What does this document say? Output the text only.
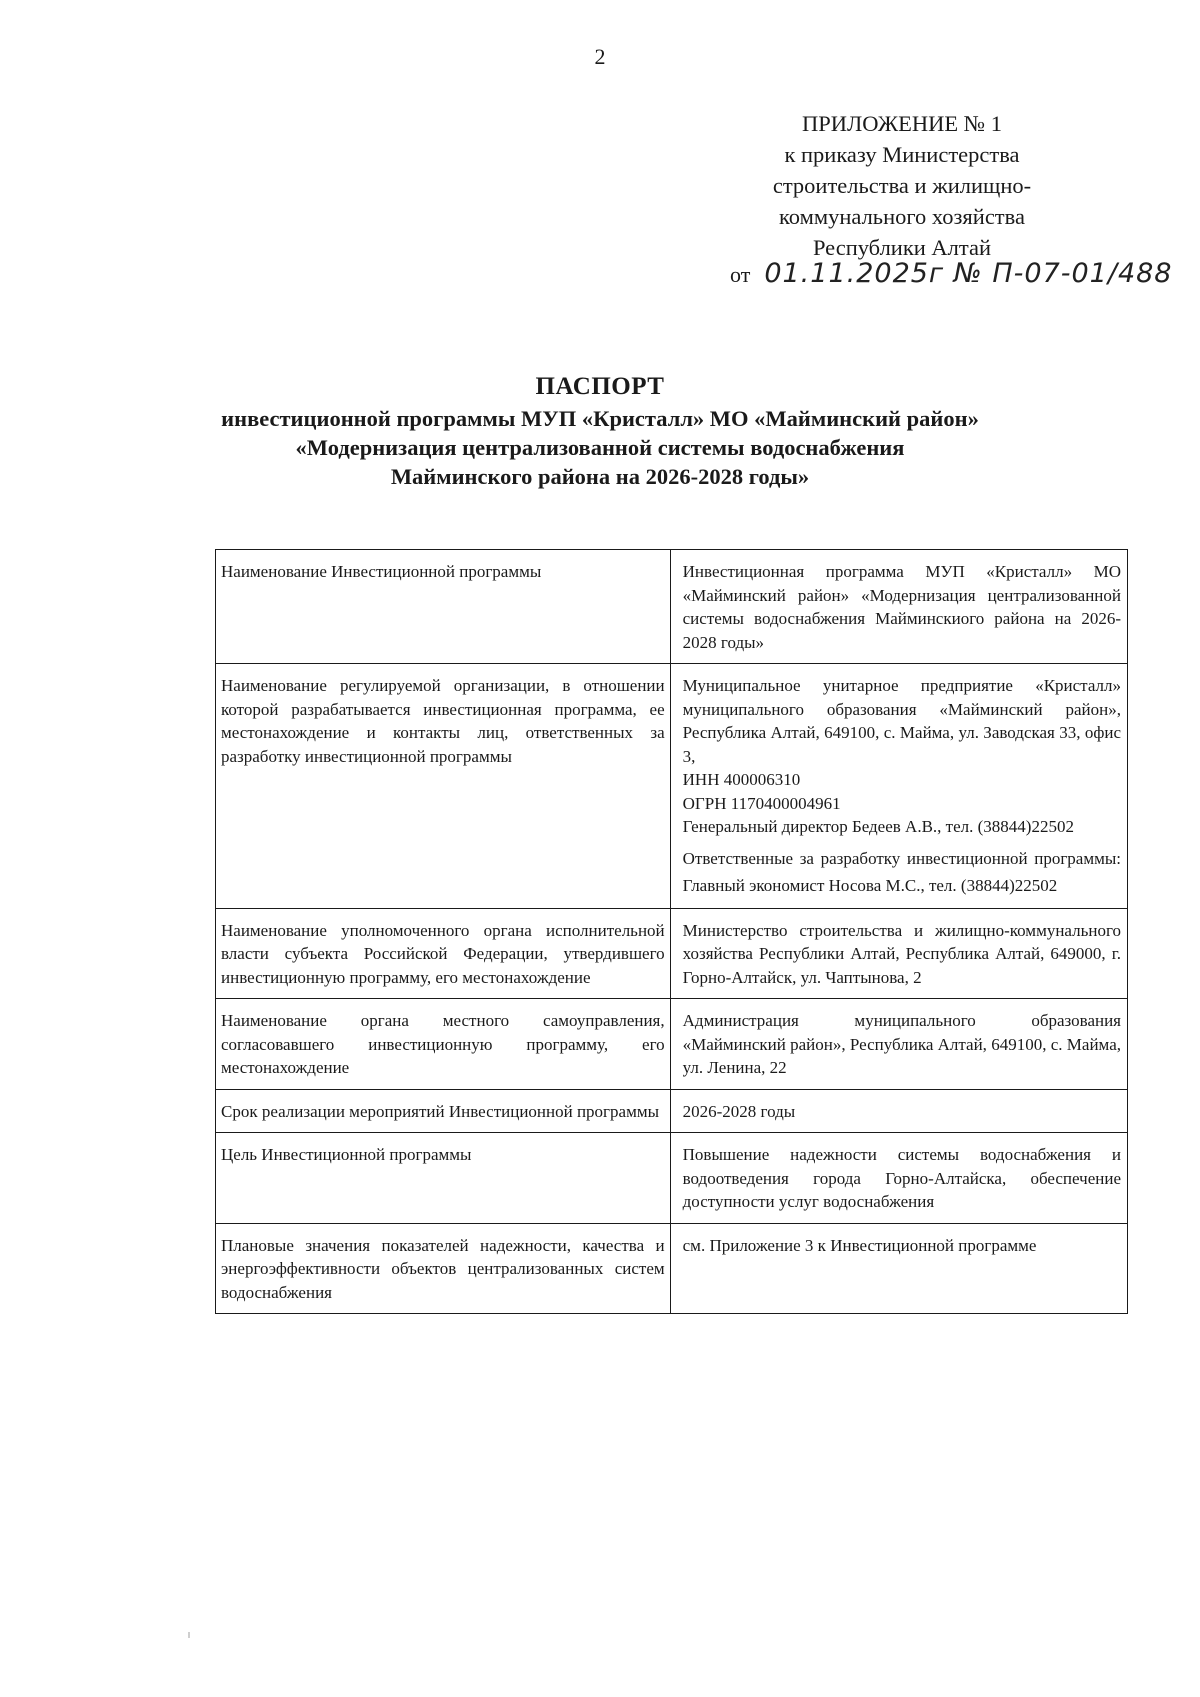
2
ПРИЛОЖЕНИЕ № 1
к приказу Министерства
строительства и жилищно-
коммунального хозяйства
Республики Алтай
от 01.11.2025г № П-07-01/488
ПАСПОРТ
инвестиционной программы МУП «Кристалл» МО «Майминский район»
«Модернизация централизованной системы водоснабжения
Майминского района на 2026-2028 годы»
Наименование Инвестиционной программы	Инвестиционная программа МУП «Кристалл» МО «Майминский район» «Модернизация централизованной системы водоснабжения Майминскиого района на 2026-2028 годы»

Наименование регулируемой организации, в отношении которой разрабатывается инвестиционная программа, ее местонахождение и контакты лиц, ответственных за разработку инвестиционной программы	Муниципальное унитарное предприятие «Кристалл» муниципального образования «Майминский район», Республика Алтай, 649100, с. Майма, ул. Заводская 33, офис 3,
ИНН 400006310
ОГРН 1170400004961
Генеральный директор Бедеев А.В., тел. (38844)22502
Ответственные за разработку инвестиционной программы: Главный экономист Носова М.С., тел. (38844)22502

Наименование уполномоченного органа исполнительной власти субъекта Российской Федерации, утвердившего инвестиционную программу, его местонахождение	Министерство строительства и жилищно-коммунального хозяйства Республики Алтай, Республика Алтай, 649000, г. Горно-Алтайск, ул. Чаптынова, 2

Наименование органа местного самоуправления, согласовавшего инвестиционную программу, его местонахождение	Администрация муниципального образования «Майминский район», Республика Алтай, 649100, с. Майма, ул. Ленина, 22

Срок реализации мероприятий Инвестиционной программы	2026-2028 годы

Цель Инвестиционной программы	Повышение надежности системы водоснабжения и водоотведения города Горно-Алтайска, обеспечение доступности услуг водоснабжения

Плановые значения показателей надежности, качества и энергоэффективности объектов централизованных систем водоснабжения	см. Приложение 3 к Инвестиционной программе
